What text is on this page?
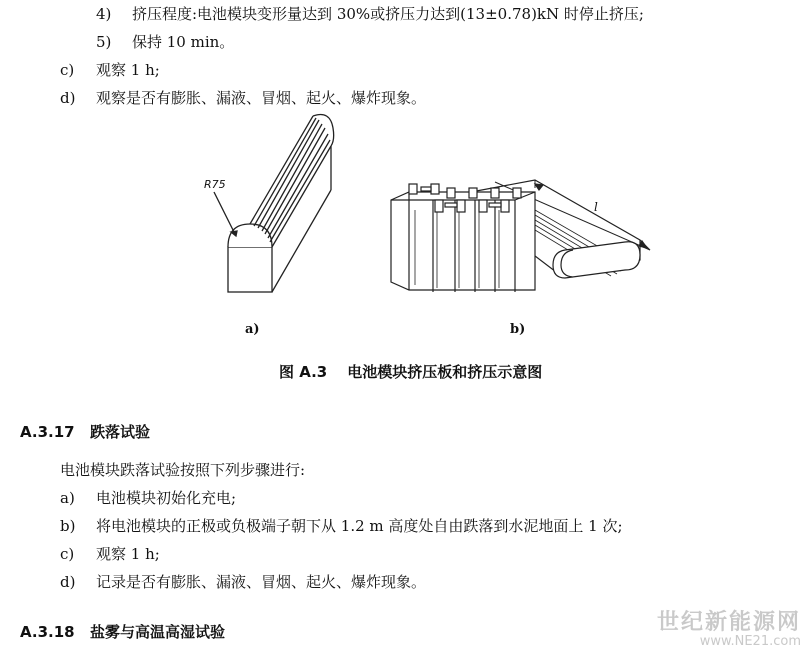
4) 挤压程度:电池模块变形量达到 30%或挤压力达到(13±0.78)kN 时停止挤压;
5) 保持 10 min。
c) 观察 1 h;
d) 观察是否有膨胀、漏液、冒烟、起火、爆炸现象。
R75
l
a)	b)
图 A.3 电池模块挤压板和挤压示意图
A.3.17 跌落试验
电池模块跌落试验按照下列步骤进行:
a) 电池模块初始化充电;
b) 将电池模块的正极或负极端子朝下从 1.2 m 高度处自由跌落到水泥地面上 1 次;
c) 观察 1 h;
d) 记录是否有膨胀、漏液、冒烟、起火、爆炸现象。
A.3.18 盐雾与高温高湿试验	世纪新能源网
www.NE21.com
